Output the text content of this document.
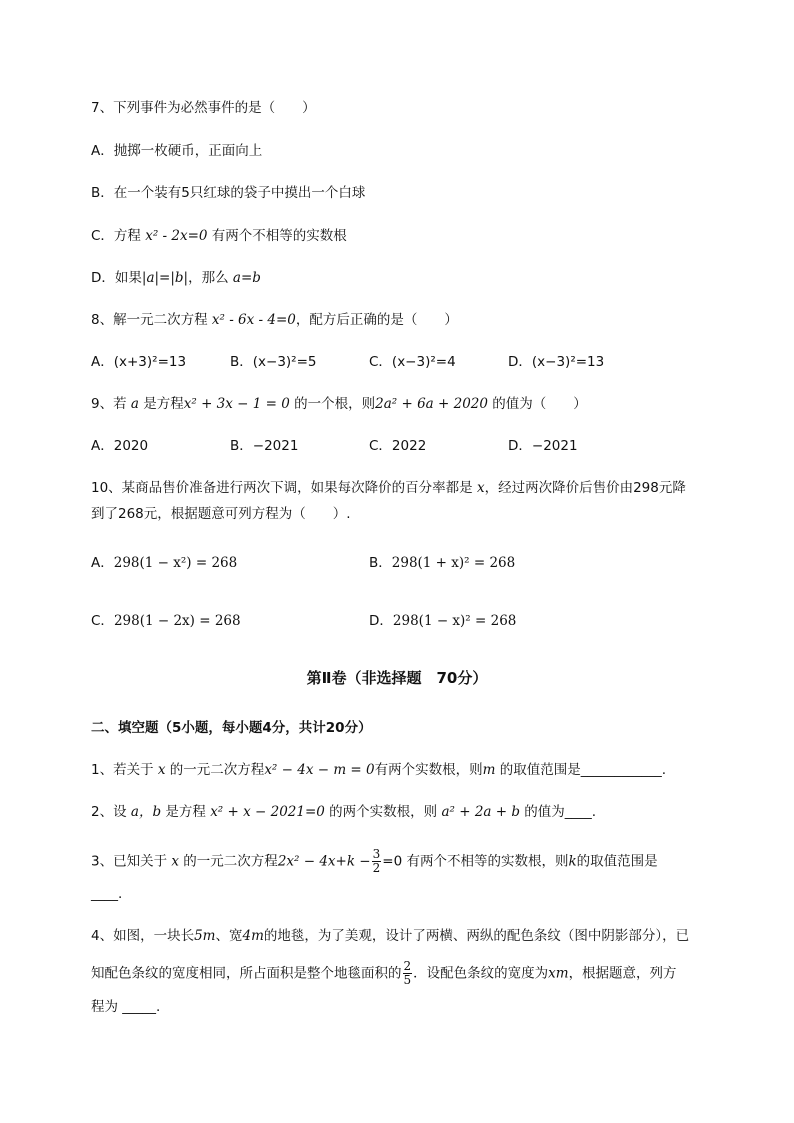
7、下列事件为必然事件的是（　　）
A．抛掷一枚硬币，正面向上
B．在一个装有5只红球的袋子中摸出一个白球
C．方程 x² - 2x=0 有两个不相等的实数根
D．如果|a|=|b|，那么 a=b
8、解一元二次方程 x² - 6x - 4=0，配方后正确的是（　　）
A．(x+3)²=13	B．(x−3)²=5	C．(x−3)²=4	D．(x−3)²=13
9、若 a 是方程x² + 3x − 1 = 0 的一个根，则2a² + 6a + 2020 的值为（　　）
A．2020	B．−2021	C．2022	D．−2021
10、某商品售价准备进行两次下调，如果每次降价的百分率都是 x，经过两次降价后售价由298元降
到了268元，根据题意可列方程为（　　）.
A．298(1 − x²) = 268	B．298(1 + x)² = 268
C．298(1 − 2x) = 268	D．298(1 − x)² = 268
第Ⅱ卷（非选择题　70分）
二、填空题（5小题，每小题4分，共计20分）
1、若关于 x 的一元二次方程x² − 4x − m = 0有两个实数根，则m 的取值范围是____________.
2、设 a，b 是方程 x² + x − 2021=0 的两个实数根，则 a² + 2a + b 的值为____.
3、已知关于 x 的一元二次方程$2x^2 - 4x+k - \frac{3}{2} =0$ 有两个不相等的实数根，则k的取值范围是
____.
4、如图，一块长5m、宽4m的地毯，为了美观，设计了两横、两纵的配色条纹（图中阴影部分），已
知配色条纹的宽度相同，所占面积是整个地毯面积的 $\frac{2}{5}$ ．设配色条纹的宽度为xm，根据题意，列方
程为 _____.
